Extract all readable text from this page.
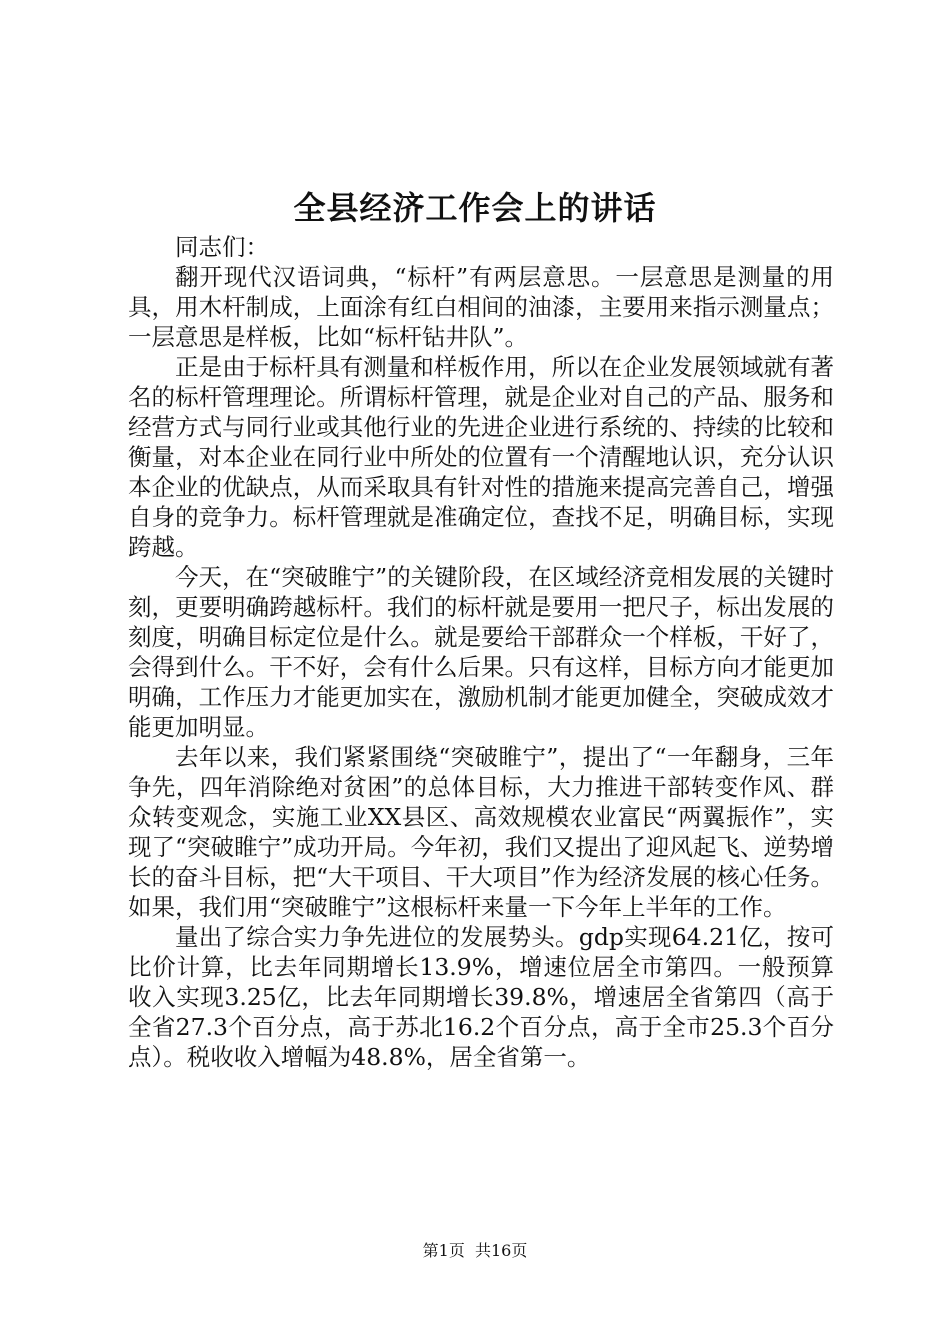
全县经济工作会上的讲话

同志们：

翻开现代汉语词典，“标杆”有两层意思。一层意思是测量的用具，用木杆制成，上面涂有红白相间的油漆，主要用来指示测量点；一层意思是样板，比如“标杆钻井队”。

正是由于标杆具有测量和样板作用，所以在企业发展领域就有著名的标杆管理理论。所谓标杆管理，就是企业对自己的产品、服务和经营方式与同行业或其他行业的先进企业进行系统的、持续的比较和衡量，对本企业在同行业中所处的位置有一个清醒地认识，充分认识本企业的优缺点，从而采取具有针对性的措施来提高完善自己，增强自身的竞争力。标杆管理就是准确定位，查找不足，明确目标，实现跨越。

今天，在“突破睢宁”的关键阶段，在区域经济竞相发展的关键时刻，更要明确跨越标杆。我们的标杆就是要用一把尺子，标出发展的刻度，明确目标定位是什么。就是要给干部群众一个样板，干好了，会得到什么。干不好，会有什么后果。只有这样，目标方向才能更加明确，工作压力才能更加实在，激励机制才能更加健全，突破成效才能更加明显。

去年以来，我们紧紧围绕“突破睢宁”，提出了“一年翻身，三年争先，四年消除绝对贫困”的总体目标，大力推进干部转变作风、群众转变观念，实施工业XX县区、高效规模农业富民“两翼振作”，实现了“突破睢宁”成功开局。今年初，我们又提出了迎风起飞、逆势增长的奋斗目标，把“大干项目、干大项目”作为经济发展的核心任务。如果，我们用“突破睢宁”这根标杆来量一下今年上半年的工作。

量出了综合实力争先进位的发展势头。gdp实现64.21亿，按可比价计算，比去年同期增长13.9%，增速位居全市第四。一般预算收入实现3.25亿，比去年同期增长39.8%，增速居全省第四（高于全省27.3个百分点，高于苏北16.2个百分点，高于全市25.3个百分点）。税收收入增幅为48.8%，居全省第一。

第1页  共16页
